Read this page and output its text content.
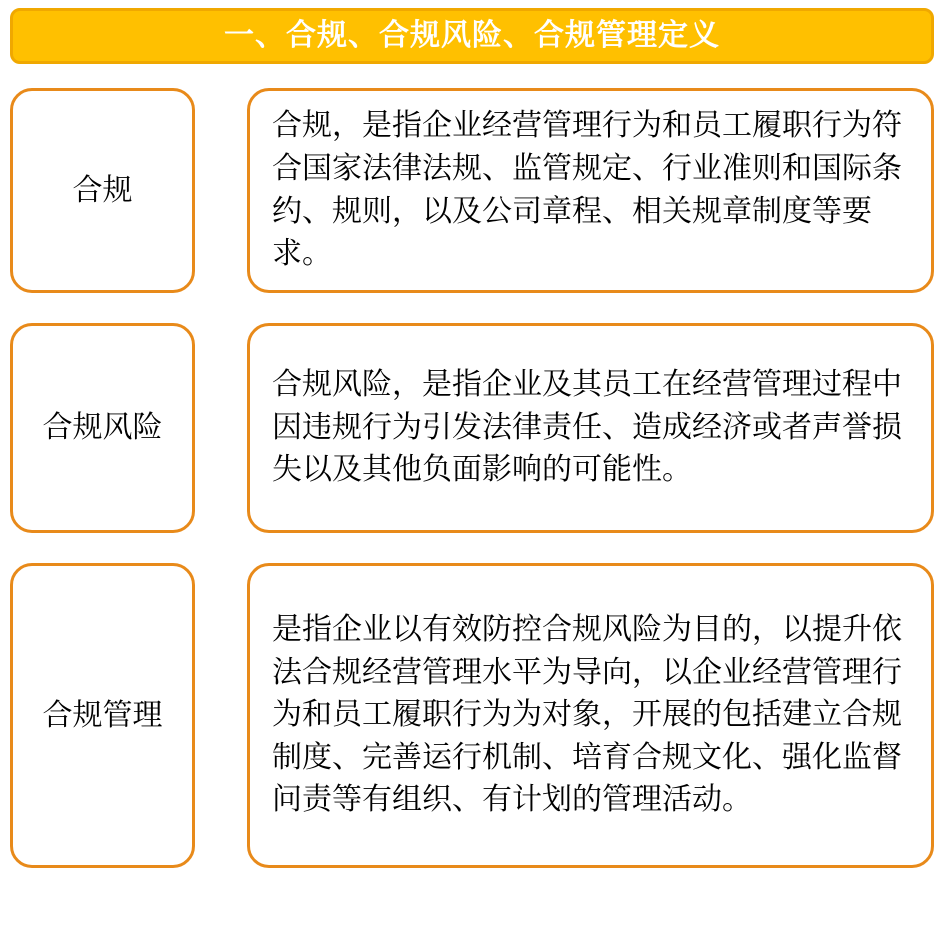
一、合规、合规风险、合规管理定义
合规
合规，是指企业经营管理行为和员工履职行为符合国家法律法规、监管规定、行业准则和国际条约、规则，以及公司章程、相关规章制度等要求。
合规风险
合规风险，是指企业及其员工在经营管理过程中因违规行为引发法律责任、造成经济或者声誉损失以及其他负面影响的可能性。
合规管理
是指企业以有效防控合规风险为目的，以提升依法合规经营管理水平为导向，以企业经营管理行为和员工履职行为为对象，开展的包括建立合规制度、完善运行机制、培育合规文化、强化监督问责等有组织、有计划的管理活动。
